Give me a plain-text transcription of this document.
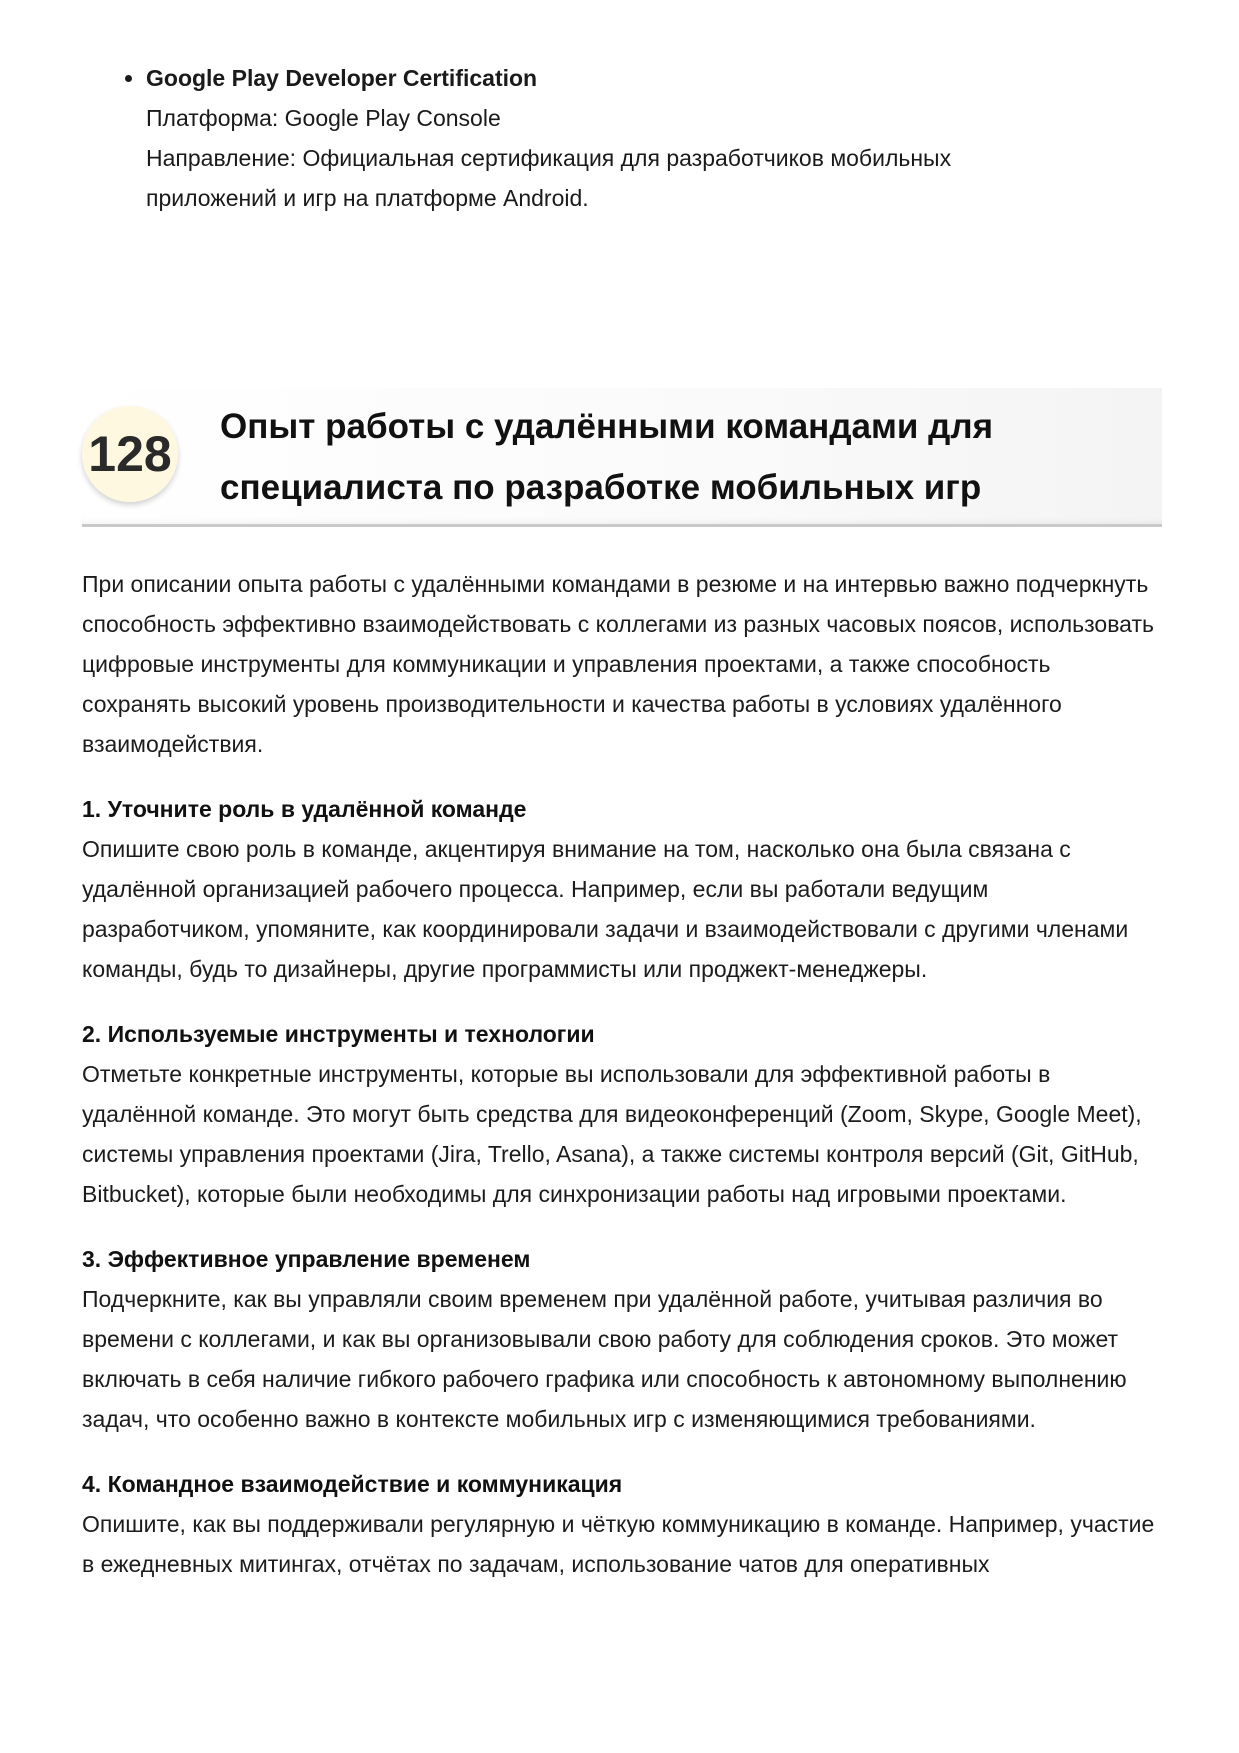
• Google Play Developer Certification
Платформа: Google Play Console
Направление: Официальная сертификация для разработчиков мобильных
приложений и игр на платформе Android.
128 Опыт работы с удалёнными командами для
специалиста по разработке мобильных игр

При описании опыта работы с удалёнными командами в резюме и на интервью важно подчеркнуть способность эффективно взаимодействовать с коллегами из разных часовых поясов, использовать цифровые инструменты для коммуникации и управления проектами, а также способность сохранять высокий уровень производительности и качества работы в условиях удалённого взаимодействия.

1. Уточните роль в удалённой команде

Опишите свою роль в команде, акцентируя внимание на том, насколько она была связана с удалённой организацией рабочего процесса. Например, если вы работали ведущим разработчиком, упомяните, как координировали задачи и взаимодействовали с другими членами команды, будь то дизайнеры, другие программисты или проджект-менеджеры.

2. Используемые инструменты и технологии

Отметьте конкретные инструменты, которые вы использовали для эффективной работы в удалённой команде. Это могут быть средства для видеоконференций (Zoom, Skype, Google Meet), системы управления проектами (Jira, Trello, Asana), а также системы контроля версий (Git, GitHub, Bitbucket), которые были необходимы для синхронизации работы над игровыми проектами.

3. Эффективное управление временем

Подчеркните, как вы управляли своим временем при удалённой работе, учитывая различия во времени с коллегами, и как вы организовывали свою работу для соблюдения сроков. Это может включать в себя наличие гибкого рабочего графика или способность к автономному выполнению задач, что особенно важно в контексте мобильных игр с изменяющимися требованиями.

4. Командное взаимодействие и коммуникация

Опишите, как вы поддерживали регулярную и чёткую коммуникацию в команде. Например, участие в ежедневных митингах, отчётах по задачам, использование чатов для оперативных
